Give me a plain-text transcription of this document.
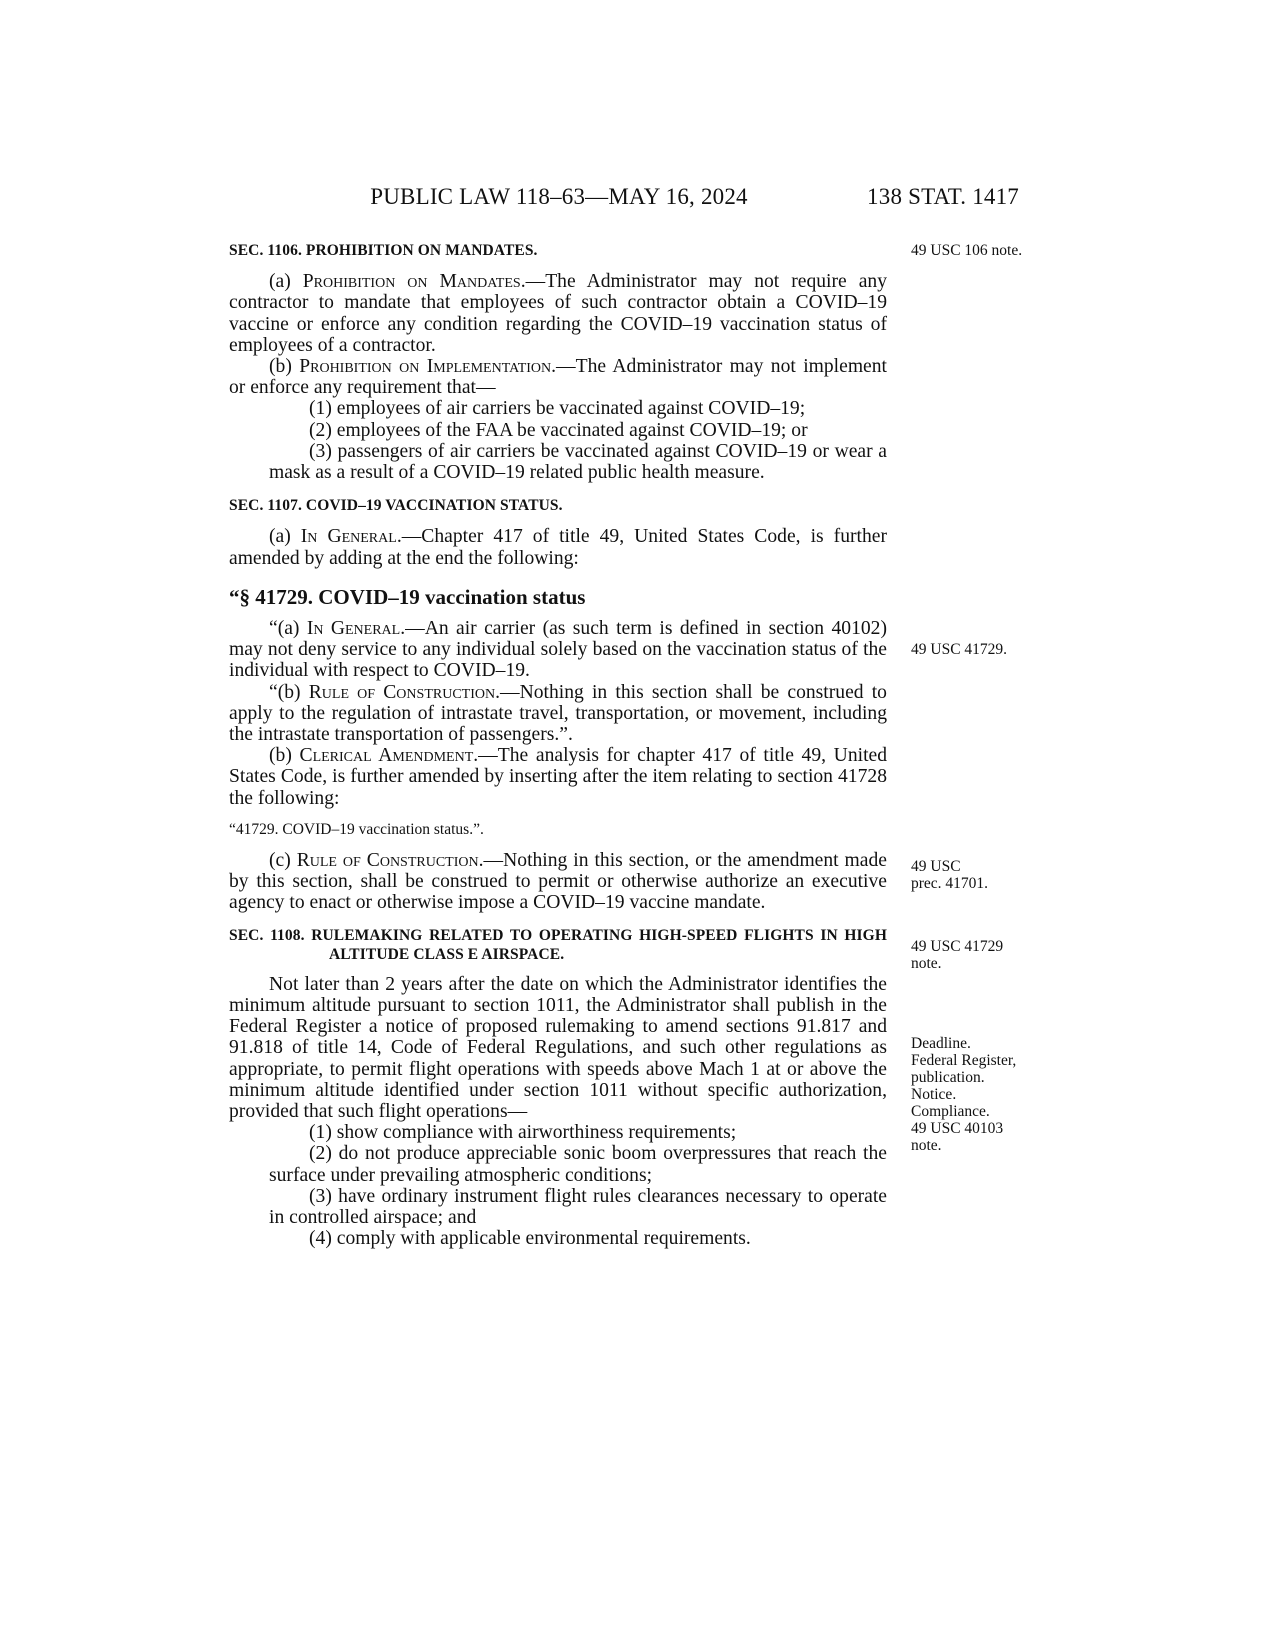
PUBLIC LAW 118–63—MAY 16, 2024	138 STAT. 1417

SEC. 1106. PROHIBITION ON MANDATES.

(a) Prohibition on Mandates.—The Administrator may not require any contractor to mandate that employees of such contractor obtain a COVID–19 vaccine or enforce any condition regarding the COVID–19 vaccination status of employees of a contractor.

(b) Prohibition on Implementation.—The Administrator may not implement or enforce any requirement that—

(1) employees of air carriers be vaccinated against COVID–19;

(2) employees of the FAA be vaccinated against COVID–19; or

(3) passengers of air carriers be vaccinated against COVID–19 or wear a mask as a result of a COVID–19 related public health measure.

SEC. 1107. COVID–19 VACCINATION STATUS.

(a) In General.—Chapter 417 of title 49, United States Code, is further amended by adding at the end the following:

“§ 41729. COVID–19 vaccination status

“(a) In General.—An air carrier (as such term is defined in section 40102) may not deny service to any individual solely based on the vaccination status of the individual with respect to COVID–19.

“(b) Rule of Construction.—Nothing in this section shall be construed to apply to the regulation of intrastate travel, transportation, or movement, including the intrastate transportation of passengers.”.

(b) Clerical Amendment.—The analysis for chapter 417 of title 49, United States Code, is further amended by inserting after the item relating to section 41728 the following:

“41729. COVID–19 vaccination status.”.

(c) Rule of Construction.—Nothing in this section, or the amendment made by this section, shall be construed to permit or otherwise authorize an executive agency to enact or otherwise impose a COVID–19 vaccine mandate.

SEC. 1108. RULEMAKING RELATED TO OPERATING HIGH-SPEED FLIGHTS IN HIGH ALTITUDE CLASS E AIRSPACE.

Not later than 2 years after the date on which the Administrator identifies the minimum altitude pursuant to section 1011, the Administrator shall publish in the Federal Register a notice of proposed rulemaking to amend sections 91.817 and 91.818 of title 14, Code of Federal Regulations, and such other regulations as appropriate, to permit flight operations with speeds above Mach 1 at or above the minimum altitude identified under section 1011 without specific authorization, provided that such flight operations—

(1) show compliance with airworthiness requirements;

(2) do not produce appreciable sonic boom overpressures that reach the surface under prevailing atmospheric conditions;

(3) have ordinary instrument flight rules clearances necessary to operate in controlled airspace; and

(4) comply with applicable environmental requirements.

49 USC 106 note.
49 USC 41729.
49 USC
prec. 41701.
49 USC 41729
note.
Deadline.
Federal Register,
publication.
Notice.
Compliance.
49 USC 40103
note.
